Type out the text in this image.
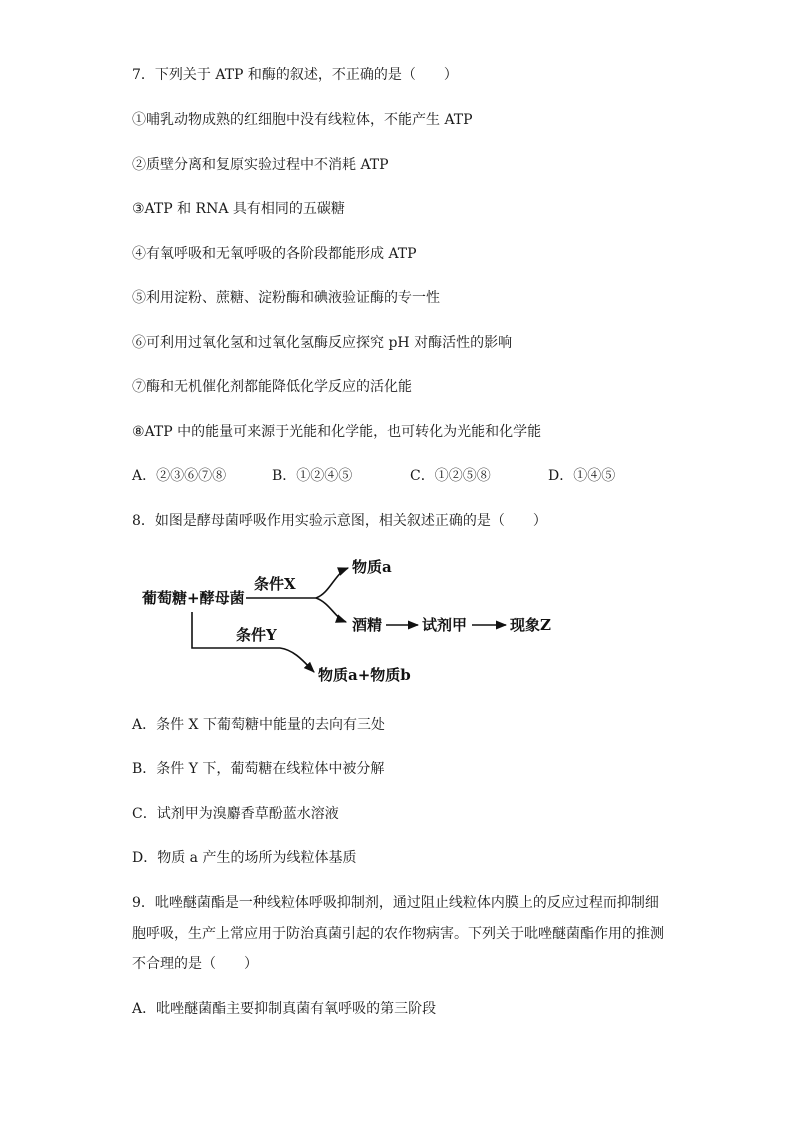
7．下列关于 ATP 和酶的叙述，不正确的是（　　）
①哺乳动物成熟的红细胞中没有线粒体，不能产生 ATP
②质壁分离和复原实验过程中不消耗 ATP
③ATP 和 RNA 具有相同的五碳糖
④有氧呼吸和无氧呼吸的各阶段都能形成 ATP
⑤利用淀粉、蔗糖、淀粉酶和碘液验证酶的专一性
⑥可利用过氧化氢和过氧化氢酶反应探究 pH 对酶活性的影响
⑦酶和无机催化剂都能降低化学反应的活化能
⑧ATP 中的能量可来源于光能和化学能，也可转化为光能和化学能
A．②③⑥⑦⑧	B．①②④⑤	C．①②⑤⑧	D．①④⑤
8．如图是酵母菌呼吸作用实验示意图，相关叙述正确的是（　　）
葡萄糖+酵母菌
条件X
物质a
酒精	试剂甲	现象Z
条件Y
物质a+物质b
A．条件 X 下葡萄糖中能量的去向有三处
B．条件 Y 下，葡萄糖在线粒体中被分解
C．试剂甲为溴麝香草酚蓝水溶液
D．物质 a 产生的场所为线粒体基质
9．吡唑醚菌酯是一种线粒体呼吸抑制剂，通过阻止线粒体内膜上的反应过程而抑制细
胞呼吸，生产上常应用于防治真菌引起的农作物病害。下列关于吡唑醚菌酯作用的推测
不合理的是（　　）
A．吡唑醚菌酯主要抑制真菌有氧呼吸的第三阶段
